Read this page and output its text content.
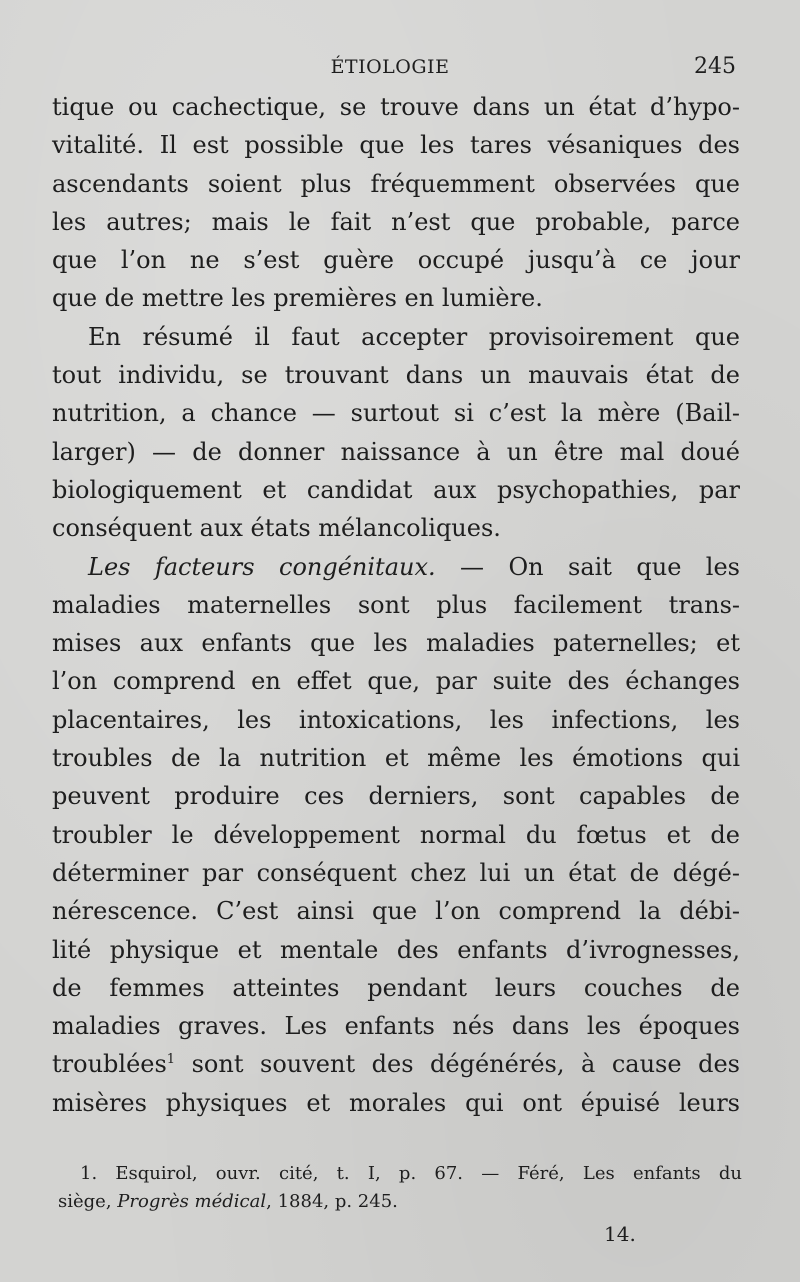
ÉTIOLOGIE	245
tique ou cachectique, se trouve dans un état d’hypo-
vitalité. Il est possible que les tares vésaniques des
ascendants soient plus fréquemment observées que
les autres; mais le fait n’est que probable, parce
que l’on ne s’est guère occupé jusqu’à ce jour
que de mettre les premières en lumière.
En résumé il faut accepter provisoirement que
tout individu, se trouvant dans un mauvais état de
nutrition, a chance — surtout si c’est la mère (Bail-
larger) — de donner naissance à un être mal doué
biologiquement et candidat aux psychopathies, par
conséquent aux états mélancoliques.
Les facteurs congénitaux. — On sait que les
maladies maternelles sont plus facilement trans-
mises aux enfants que les maladies paternelles; et
l’on comprend en effet que, par suite des échanges
placentaires, les intoxications, les infections, les
troubles de la nutrition et même les émotions qui
peuvent produire ces derniers, sont capables de
troubler le développement normal du fœtus et de
déterminer par conséquent chez lui un état de dégé-
nérescence. C’est ainsi que l’on comprend la débi-
lité physique et mentale des enfants d’ivrognesses,
de femmes atteintes pendant leurs couches de
maladies graves. Les enfants nés dans les époques
troublées$^1$ sont souvent des dégénérés, à cause des
misères physiques et morales qui ont épuisé leurs
1. Esquirol, ouvr. cité, t. I, p. 67. — Féré, Les enfants du
siège, Progrès médical, 1884, p. 245.
14.
